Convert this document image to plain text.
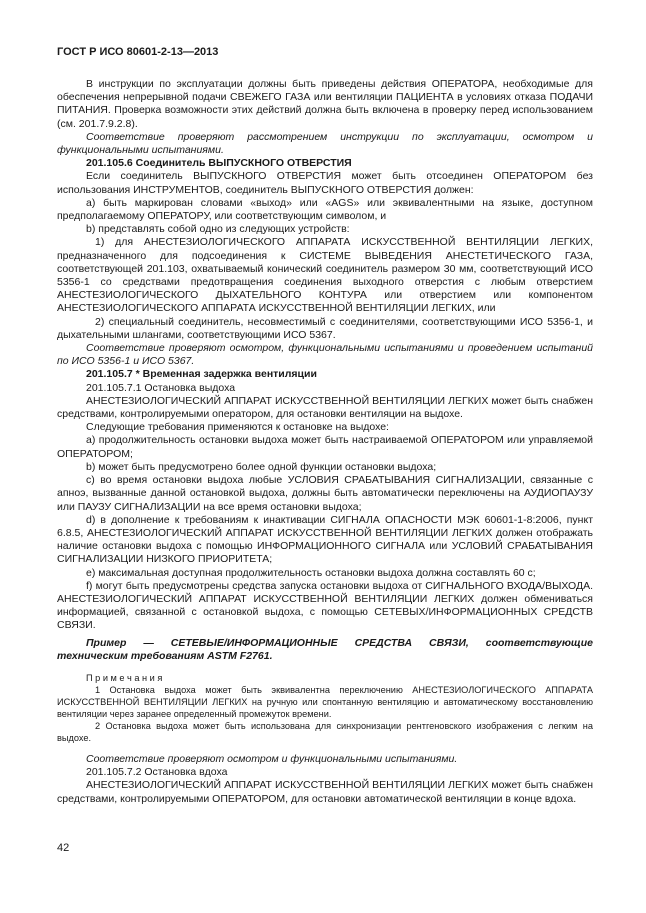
ГОСТ Р ИСО 80601-2-13—2013

В инструкции по эксплуатации должны быть приведены действия ОПЕРАТОРА, необходимые для обеспечения непрерывной подачи СВЕЖЕГО ГАЗА или вентиляции ПАЦИЕНТА в условиях отказа ПОДАЧИ ПИТАНИЯ. Проверка возможности этих действий должна быть включена в проверку перед использованием (см. 201.7.9.2.8).

Соответствие проверяют рассмотрением инструкции по эксплуатации, осмотром и функциональными испытаниями.

201.105.6 Соединитель ВЫПУСКНОГО ОТВЕРСТИЯ

Если соединитель ВЫПУСКНОГО ОТВЕРСТИЯ может быть отсоединен ОПЕРАТОРОМ без использования ИНСТРУМЕНТОВ, соединитель ВЫПУСКНОГО ОТВЕРСТИЯ должен:

a) быть маркирован словами «выход» или «AGS» или эквивалентными на языке, доступном предполагаемому ОПЕРАТОРУ, или соответствующим символом, и

b) представлять собой одно из следующих устройств:

1) для АНЕСТЕЗИОЛОГИЧЕСКОГО АППАРАТА ИСКУССТВЕННОЙ ВЕНТИЛЯЦИИ ЛЕГКИХ, предназначенного для подсоединения к СИСТЕМЕ ВЫВЕДЕНИЯ АНЕСТЕТИЧЕСКОГО ГАЗА, соответствующей 201.103, охватываемый конический соединитель размером 30 мм, соответствующий ИСО 5356-1 со средствами предотвращения соединения выходного отверстия с любым отверстием АНЕСТЕЗИОЛОГИЧЕСКОГО ДЫХАТЕЛЬНОГО КОНТУРА или отверстием или компонентом АНЕСТЕЗИОЛОГИЧЕСКОГО АППАРАТА ИСКУССТВЕННОЙ ВЕНТИЛЯЦИИ ЛЕГКИХ, или

2) специальный соединитель, несовместимый с соединителями, соответствующими ИСО 5356-1, и дыхательными шлангами, соответствующими ИСО 5367.

Соответствие проверяют осмотром, функциональными испытаниями и проведением испытаний по ИСО 5356-1 и ИСО 5367.

201.105.7 * Временная задержка вентиляции

201.105.7.1 Остановка выдоха

АНЕСТЕЗИОЛОГИЧЕСКИЙ АППАРАТ ИСКУССТВЕННОЙ ВЕНТИЛЯЦИИ ЛЕГКИХ может быть снабжен средствами, контролируемыми оператором, для остановки вентиляции на выдохе.

Следующие требования применяются к остановке на выдохе:

a) продолжительность остановки выдоха может быть настраиваемой ОПЕРАТОРОМ или управляемой ОПЕРАТОРОМ;

b) может быть предусмотрено более одной функции остановки выдоха;

c) во время остановки выдоха любые УСЛОВИЯ СРАБАТЫВАНИЯ СИГНАЛИЗАЦИИ, связанные с апноэ, вызванные данной остановкой выдоха, должны быть автоматически переключены на АУДИОПАУЗУ или ПАУЗУ СИГНАЛИЗАЦИИ на все время остановки выдоха;

d) в дополнение к требованиям к инактивации СИГНАЛА ОПАСНОСТИ МЭК 60601-1-8:2006, пункт 6.8.5, АНЕСТЕЗИОЛОГИЧЕСКИЙ АППАРАТ ИСКУССТВЕННОЙ ВЕНТИЛЯЦИИ ЛЕГКИХ должен отображать наличие остановки выдоха с помощью ИНФОРМАЦИОННОГО СИГНАЛА или УСЛОВИЙ СРАБАТЫВАНИЯ СИГНАЛИЗАЦИИ НИЗКОГО ПРИОРИТЕТА;

e) максимальная доступная продолжительность остановки выдоха должна составлять 60 с;

f) могут быть предусмотрены средства запуска остановки выдоха от СИГНАЛЬНОГО ВХОДА/ВЫХОДА. АНЕСТЕЗИОЛОГИЧЕСКИЙ АППАРАТ ИСКУССТВЕННОЙ ВЕНТИЛЯЦИИ ЛЕГКИХ должен обмениваться информацией, связанной с остановкой выдоха, с помощью СЕТЕВЫХ/ИНФОРМАЦИОННЫХ СРЕДСТВ СВЯЗИ.

Пример — СЕТЕВЫЕ/ИНФОРМАЦИОННЫЕ СРЕДСТВА СВЯЗИ, соответствующие техническим требованиям ASTM F2761.

П р и м е ч а н и я

1 Остановка выдоха может быть эквивалентна переключению АНЕСТЕЗИОЛОГИЧЕСКОГО АППАРАТА ИСКУССТВЕННОЙ ВЕНТИЛЯЦИИ ЛЕГКИХ на ручную или спонтанную вентиляцию и автоматическому восстановлению вентиляции через заранее определенный промежуток времени.

2 Остановка выдоха может быть использована для синхронизации рентгеновского изображения с легким на выдохе.

Соответствие проверяют осмотром и функциональными испытаниями.

201.105.7.2 Остановка вдоха

АНЕСТЕЗИОЛОГИЧЕСКИЙ АППАРАТ ИСКУССТВЕННОЙ ВЕНТИЛЯЦИИ ЛЕГКИХ может быть снабжен средствами, контролируемыми ОПЕРАТОРОМ, для остановки автоматической вентиляции в конце вдоха.

42
